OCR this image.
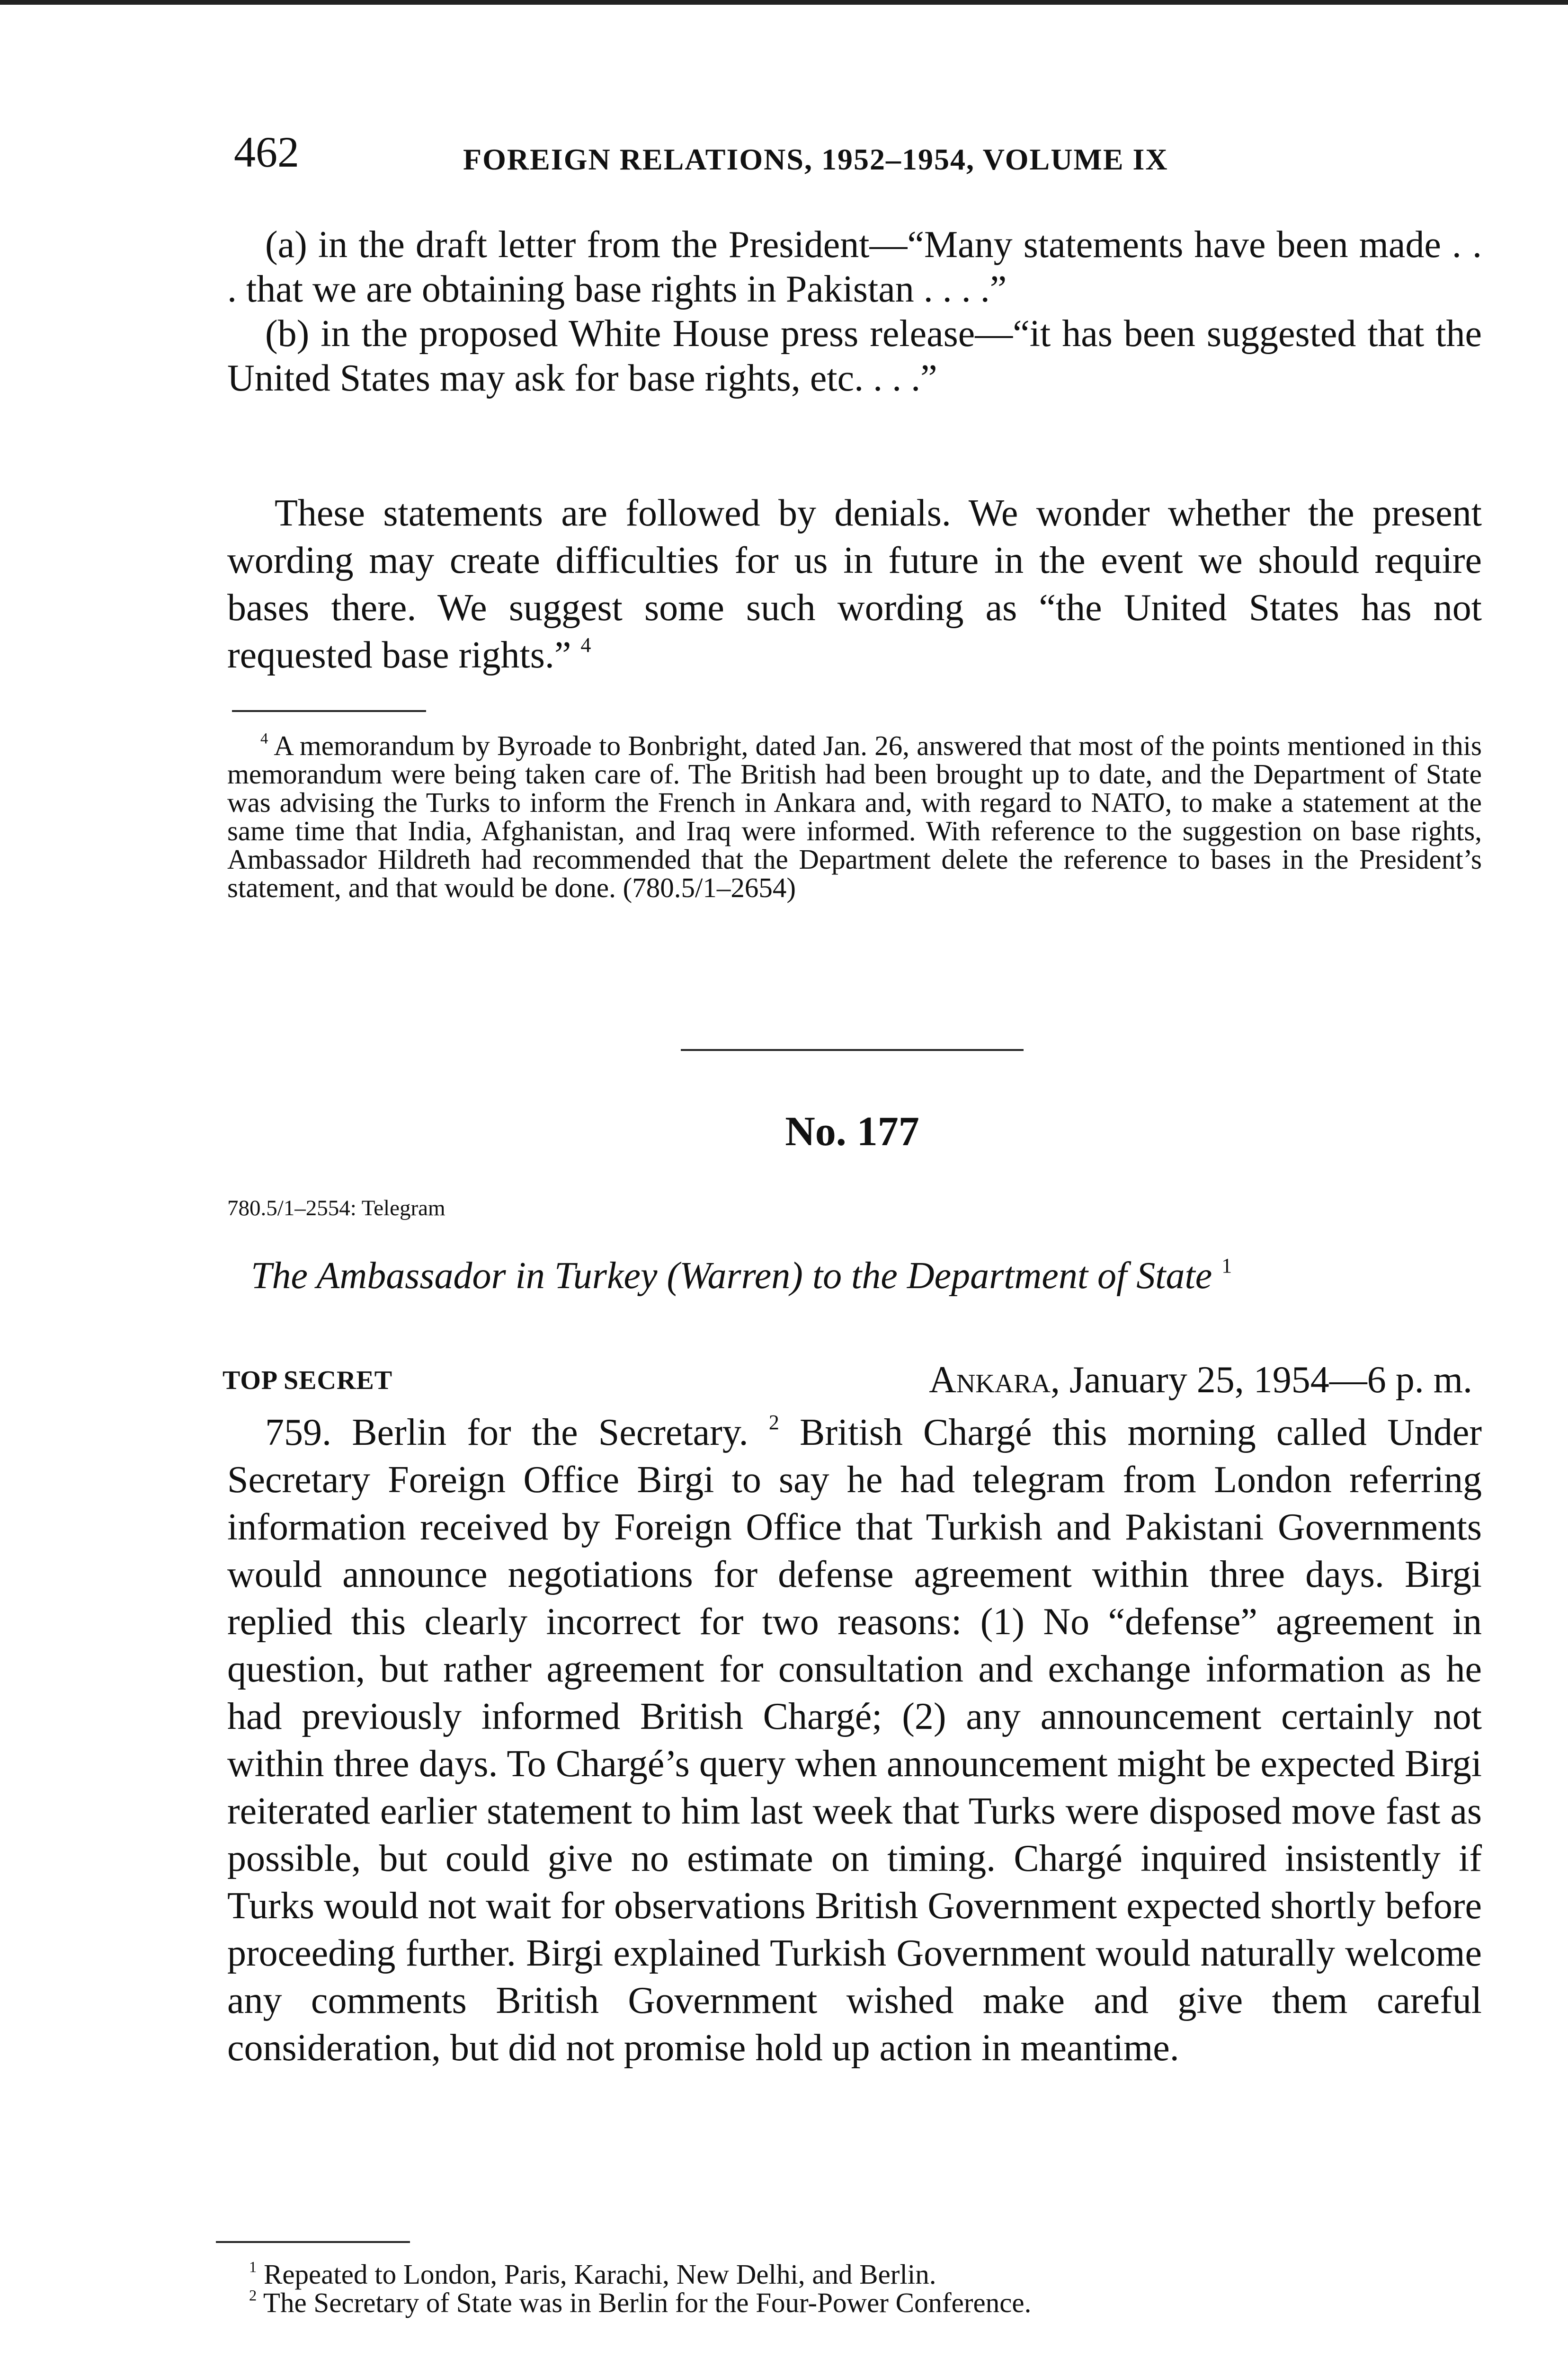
462	FOREIGN RELATIONS, 1952–1954, VOLUME IX

(a) in the draft letter from the President—“Many statements have been made . . . that we are obtaining base rights in Pakistan . . . .”

(b) in the proposed White House press release—“it has been suggested that the United States may ask for base rights, etc. . . .”

These statements are followed by denials. We wonder whether the present wording may create difficulties for us in future in the event we should require bases there. We suggest some such wording as “the United States has not requested base rights.” $^4$

$^4$ A memorandum by Byroade to Bonbright, dated Jan. 26, answered that most of the points mentioned in this memorandum were being taken care of. The British had been brought up to date, and the Department of State was advising the Turks to inform the French in Ankara and, with regard to NATO, to make a statement at the same time that India, Afghanistan, and Iraq were informed. With reference to the suggestion on base rights, Ambassador Hildreth had recommended that the Department delete the reference to bases in the President’s statement, and that would be done. (780.5/1–2654)

No. 177
780.5/1–2554: Telegram
The Ambassador in Turkey (Warren) to the Department of State $^1$
TOP SECRET	Ankara, January 25, 1954—6 p. m.

759. Berlin for the Secretary. $^2$ British Chargé this morning called Under Secretary Foreign Office Birgi to say he had telegram from London referring information received by Foreign Office that Turkish and Pakistani Governments would announce negotiations for defense agreement within three days. Birgi replied this clearly incorrect for two reasons: (1) No “defense” agreement in question, but rather agreement for consultation and exchange information as he had previously informed British Chargé; (2) any announcement certainly not within three days. To Chargé’s query when announcement might be expected Birgi reiterated earlier statement to him last week that Turks were disposed move fast as possible, but could give no estimate on timing. Chargé inquired insistently if Turks would not wait for observations British Government expected shortly before proceeding further. Birgi explained Turkish Government would naturally welcome any comments British Government wished make and give them careful consideration, but did not promise hold up action in meantime.

$^1$ Repeated to London, Paris, Karachi, New Delhi, and Berlin.

$^2$ The Secretary of State was in Berlin for the Four-Power Conference.
